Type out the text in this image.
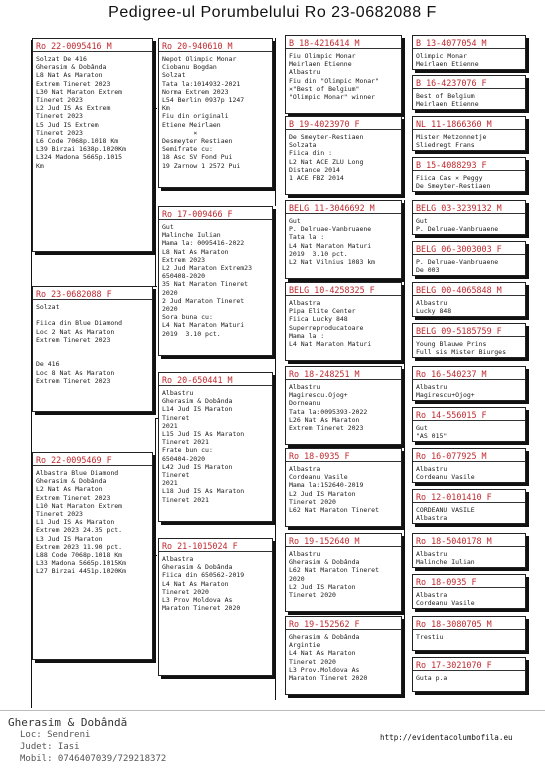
Pedigree-ul Porumbelului Ro 23-0682088 F
Ro 22-0095416 M
Solzat De 416
Gherasim & Dobânda
L8 Nat As Maraton
Extrem Tineret 2023
L30 Nat Maraton Extrem
Tineret 2023
L2 Jud IS As Extrem
Tineret 2023
L5 Jud IS Extrem
Tineret 2023
L6 Code 7068p.1018 Km
L39 Birzai 1638p.1020Km
L324 Madona 5665p.1015
Km
Ro 23-0682088 F
Solzat

Fiica din Blue Diamond
Loc 2 Nat As Maraton
Extrem Tineret 2023

De 416
Loc 8 Nat As Maraton
Extrem Tineret 2023
Ro 22-0095469 F
Albastra Blue Diamond
Gherasim & Dobânda
L2 Nat As Maraton
Extrem Tineret 2023
L10 Nat Maraton Extrem
Tineret 2023
L1 Jud IS As Maraton
Extrem 2023 24.35 pct.
L3 Jud IS Maraton
Extrem 2023 11.90 pct.
L88 Code 7068p.1018 Km
L33 Madona 5665p.1015Km
L27 Birzai 4451p.1020Km
Ro 20-940610 M
Nepot Olimpic Monar
Ciobanu Bogdan
Solzat
Tata la:1014932-2021
Norma Extrem 2023
L54 Berlin 0937p 1247
Km
Fiu din originali
Etiene Meirlaen
×
Desmeyter Restiaen
Semifrate cu:
18 Asc SV Fond Pui
19 Zarnow 1 2572 Pui
Ro 17-009466 F
Gut
Malinche Iulian
Mama la: 0095416-2022
L8 Nat As Maraton
Extrem 2023
L2 Jud Maraton Extrem23
650408-2020
35 Nat Maraton Tineret
2020
2 Jud Maraton Tineret
2020
Sora buna cu:
L4 Nat Maraton Maturi
2019  3.10 pct.
Ro 20-650441 M
Albastru
Gherasim & Dobânda
L14 Jud IS Maraton
Tineret
2021
L15 Jud IS As Maraton
Tineret 2021
Frate bun cu:
650404-2020
L42 Jud IS Maraton
Tineret
2021
L18 Jud IS As Maraton
Tineret 2021
Ro 21-1015024 F
Albastra
Gherasim & Dobânda
Fiica din 650562-2019
L4 Nat As Maraton
Tineret 2020
L3 Prov Moldova As
Maraton Tineret 2020
B 18-4216414 M
Fiu Olimpic Monar
Meirlaen Etienne
Albastru
Fiu din "Olimpic Monar"
×"Best of Belgium"
"Olimpic Monar" winner
B 19-4023970 F
De Smeyter-Restiaen
Solzata
Fiica din :
L2 Nat ACE ZLU Long
Distance 2014
1 ACE FBZ 2014
BELG 11-3046692 M
Gut
P. Delruae-Vanbruaene
Tata la :
L4 Nat Maraton Maturi
2019  3.10 pct.
L2 Nat Vilnius 1083 km
BELG 10-4258325 F
Albastra
Pipa Elite Center
Fiica Lucky 848
Superreproducatoare
Mama la :
L4 Nat Maraton Maturi
Ro 18-248251 M
Albastru
Magirescu.Ojog+
Dorneanu
Tata la:0095393-2022
L26 Nat As Maraton
Extrem Tineret 2023
Ro 18-0935 F
Albastra
Cordeanu Vasile
Mama la:152640-2019
L2 Jud IS Maraton
Tineret 2020
L62 Nat Maraton Tineret
Ro 19-152640 M
Albastru
Gherasim & Dobânda
L62 Nat Maraton Tineret
2020
L2 Jud IS Maraton
Tineret 2020
Ro 19-152562 F
Gherasim & Dobânda
Argintie
L4 Nat As Maraton
Tineret 2020
L3 Prov.Moldova As
Maraton Tineret 2020
B 13-4077054 M
Olimpic Monar
Meirlaen Etienne
B 16-4237076 F
Best of Belgium
Meirlaen Etienne
NL 11-1866360 M
Mister Metzonnetje
Sliedregt Frans
B 15-4088293 F
Fiica Cas × Peggy
De Smeyter-Restiaen
BELG 03-3239132 M
Gut
P. Delruae-Vanbruaene
BELG 06-3003003 F
P. Delruae-Vanbruaene
De 003
BELG 00-4065848 M
Albastru
Lucky 848
BELG 09-5185759 F
Young Blauwe Prins
Full sis Mister Biurges
Ro 16-540237 M
Albastru
Magirescu+Ojog+
Ro 14-556015 F
Gut
"AS 015"
Ro 16-077925 M
Albastru
Cordeanu Vasile
Ro 12-0101410 F
CORDEANU VASILE
Albastra
Ro 18-5040178 M
Albastru
Malinche Iulian
Ro 18-0935 F
Albastra
Cordeanu Vasile
Ro 18-3080705 M
Trestiu
Ro 17-3021070 F
Guta p.a
Gherasim & Dobândă
Loc: Sendreni
Judet: Iasi
Mobil: 0746407039/729218372
http://evidentacolumbofila.eu
